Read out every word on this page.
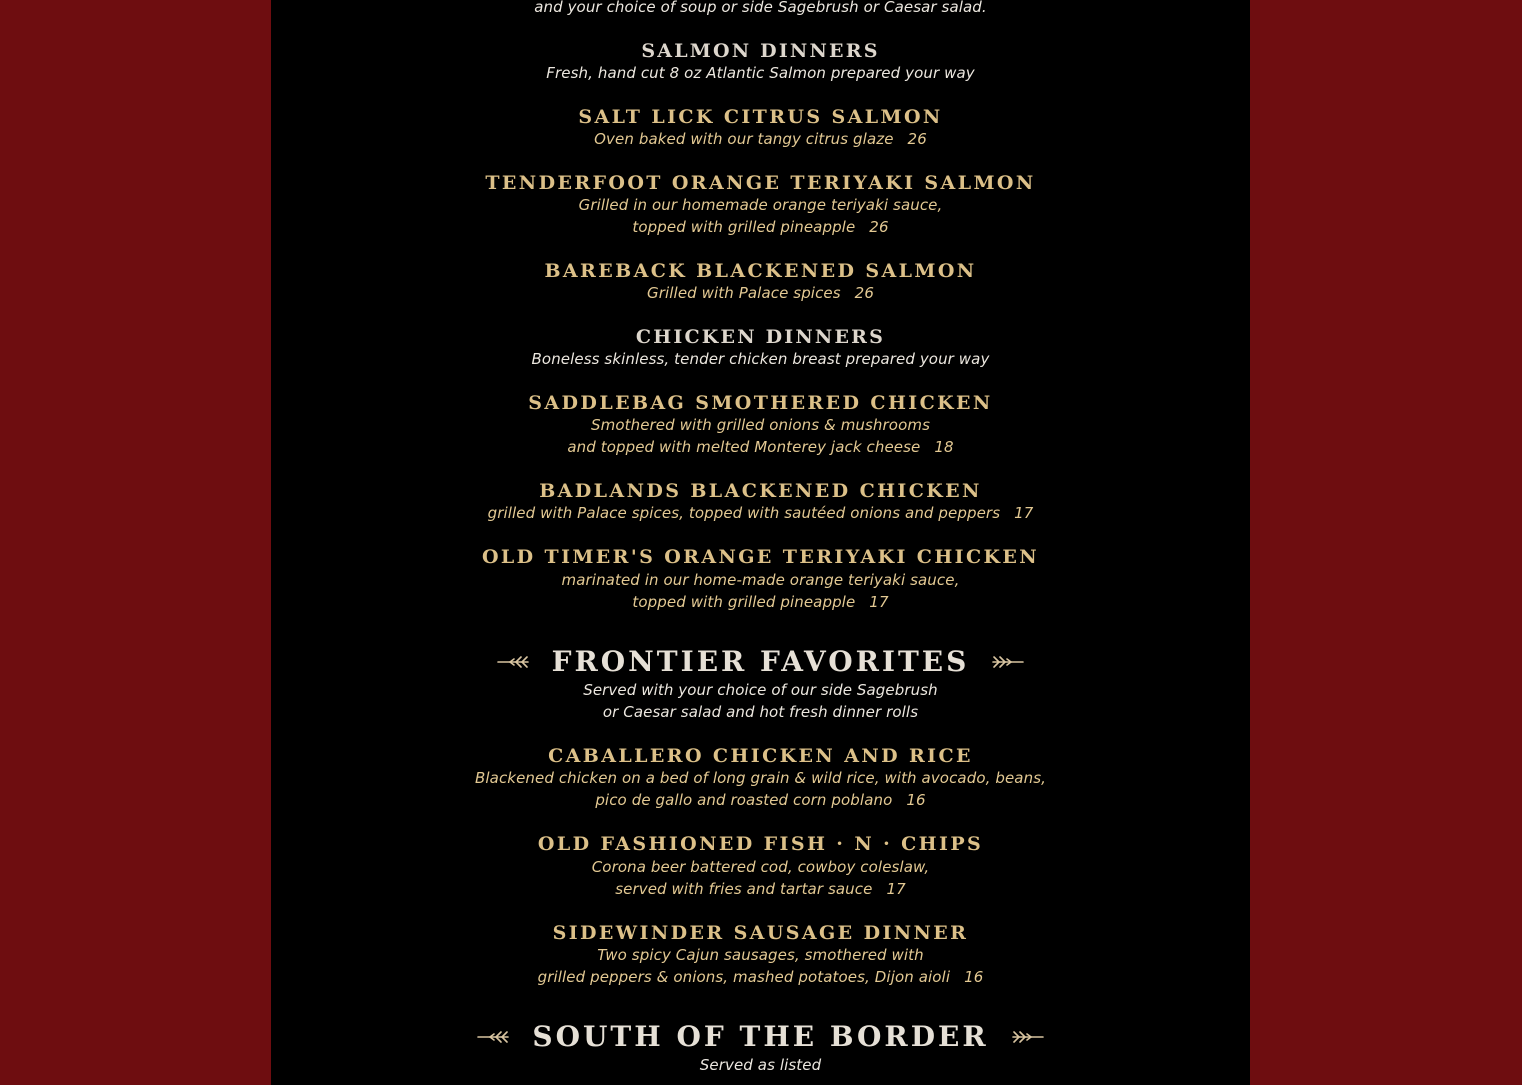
and your choice of soup or side Sagebrush or Caesar salad.
SALMON DINNERS
Fresh, hand cut 8 oz Atlantic Salmon prepared your way
SALT LICK CITRUS SALMON
Oven baked with our tangy citrus glaze 26
TENDERFOOT ORANGE TERIYAKI SALMON
Grilled in our homemade orange teriyaki sauce,
topped with grilled pineapple 26
BAREBACK BLACKENED SALMON
Grilled with Palace spices 26
CHICKEN DINNERS
Boneless skinless, tender chicken breast prepared your way
SADDLEBAG SMOTHERED CHICKEN
Smothered with grilled onions & mushrooms
and topped with melted Monterey jack cheese 18
BADLANDS BLACKENED CHICKEN
grilled with Palace spices, topped with sautéed onions and peppers 17
OLD TIMER'S ORANGE TERIYAKI CHICKEN
marinated in our home-made orange teriyaki sauce,
topped with grilled pineapple 17
FRONTIER FAVORITES
Served with your choice of our side Sagebrush
or Caesar salad and hot fresh dinner rolls
CABALLERO CHICKEN AND RICE
Blackened chicken on a bed of long grain & wild rice, with avocado, beans,
pico de gallo and roasted corn poblano 16
OLD FASHIONED FISH · N · CHIPS
Corona beer battered cod, cowboy coleslaw,
served with fries and tartar sauce 17
SIDEWINDER SAUSAGE DINNER
Two spicy Cajun sausages, smothered with
grilled peppers & onions, mashed potatoes, Dijon aioli 16
SOUTH OF THE BORDER
Served as listed
